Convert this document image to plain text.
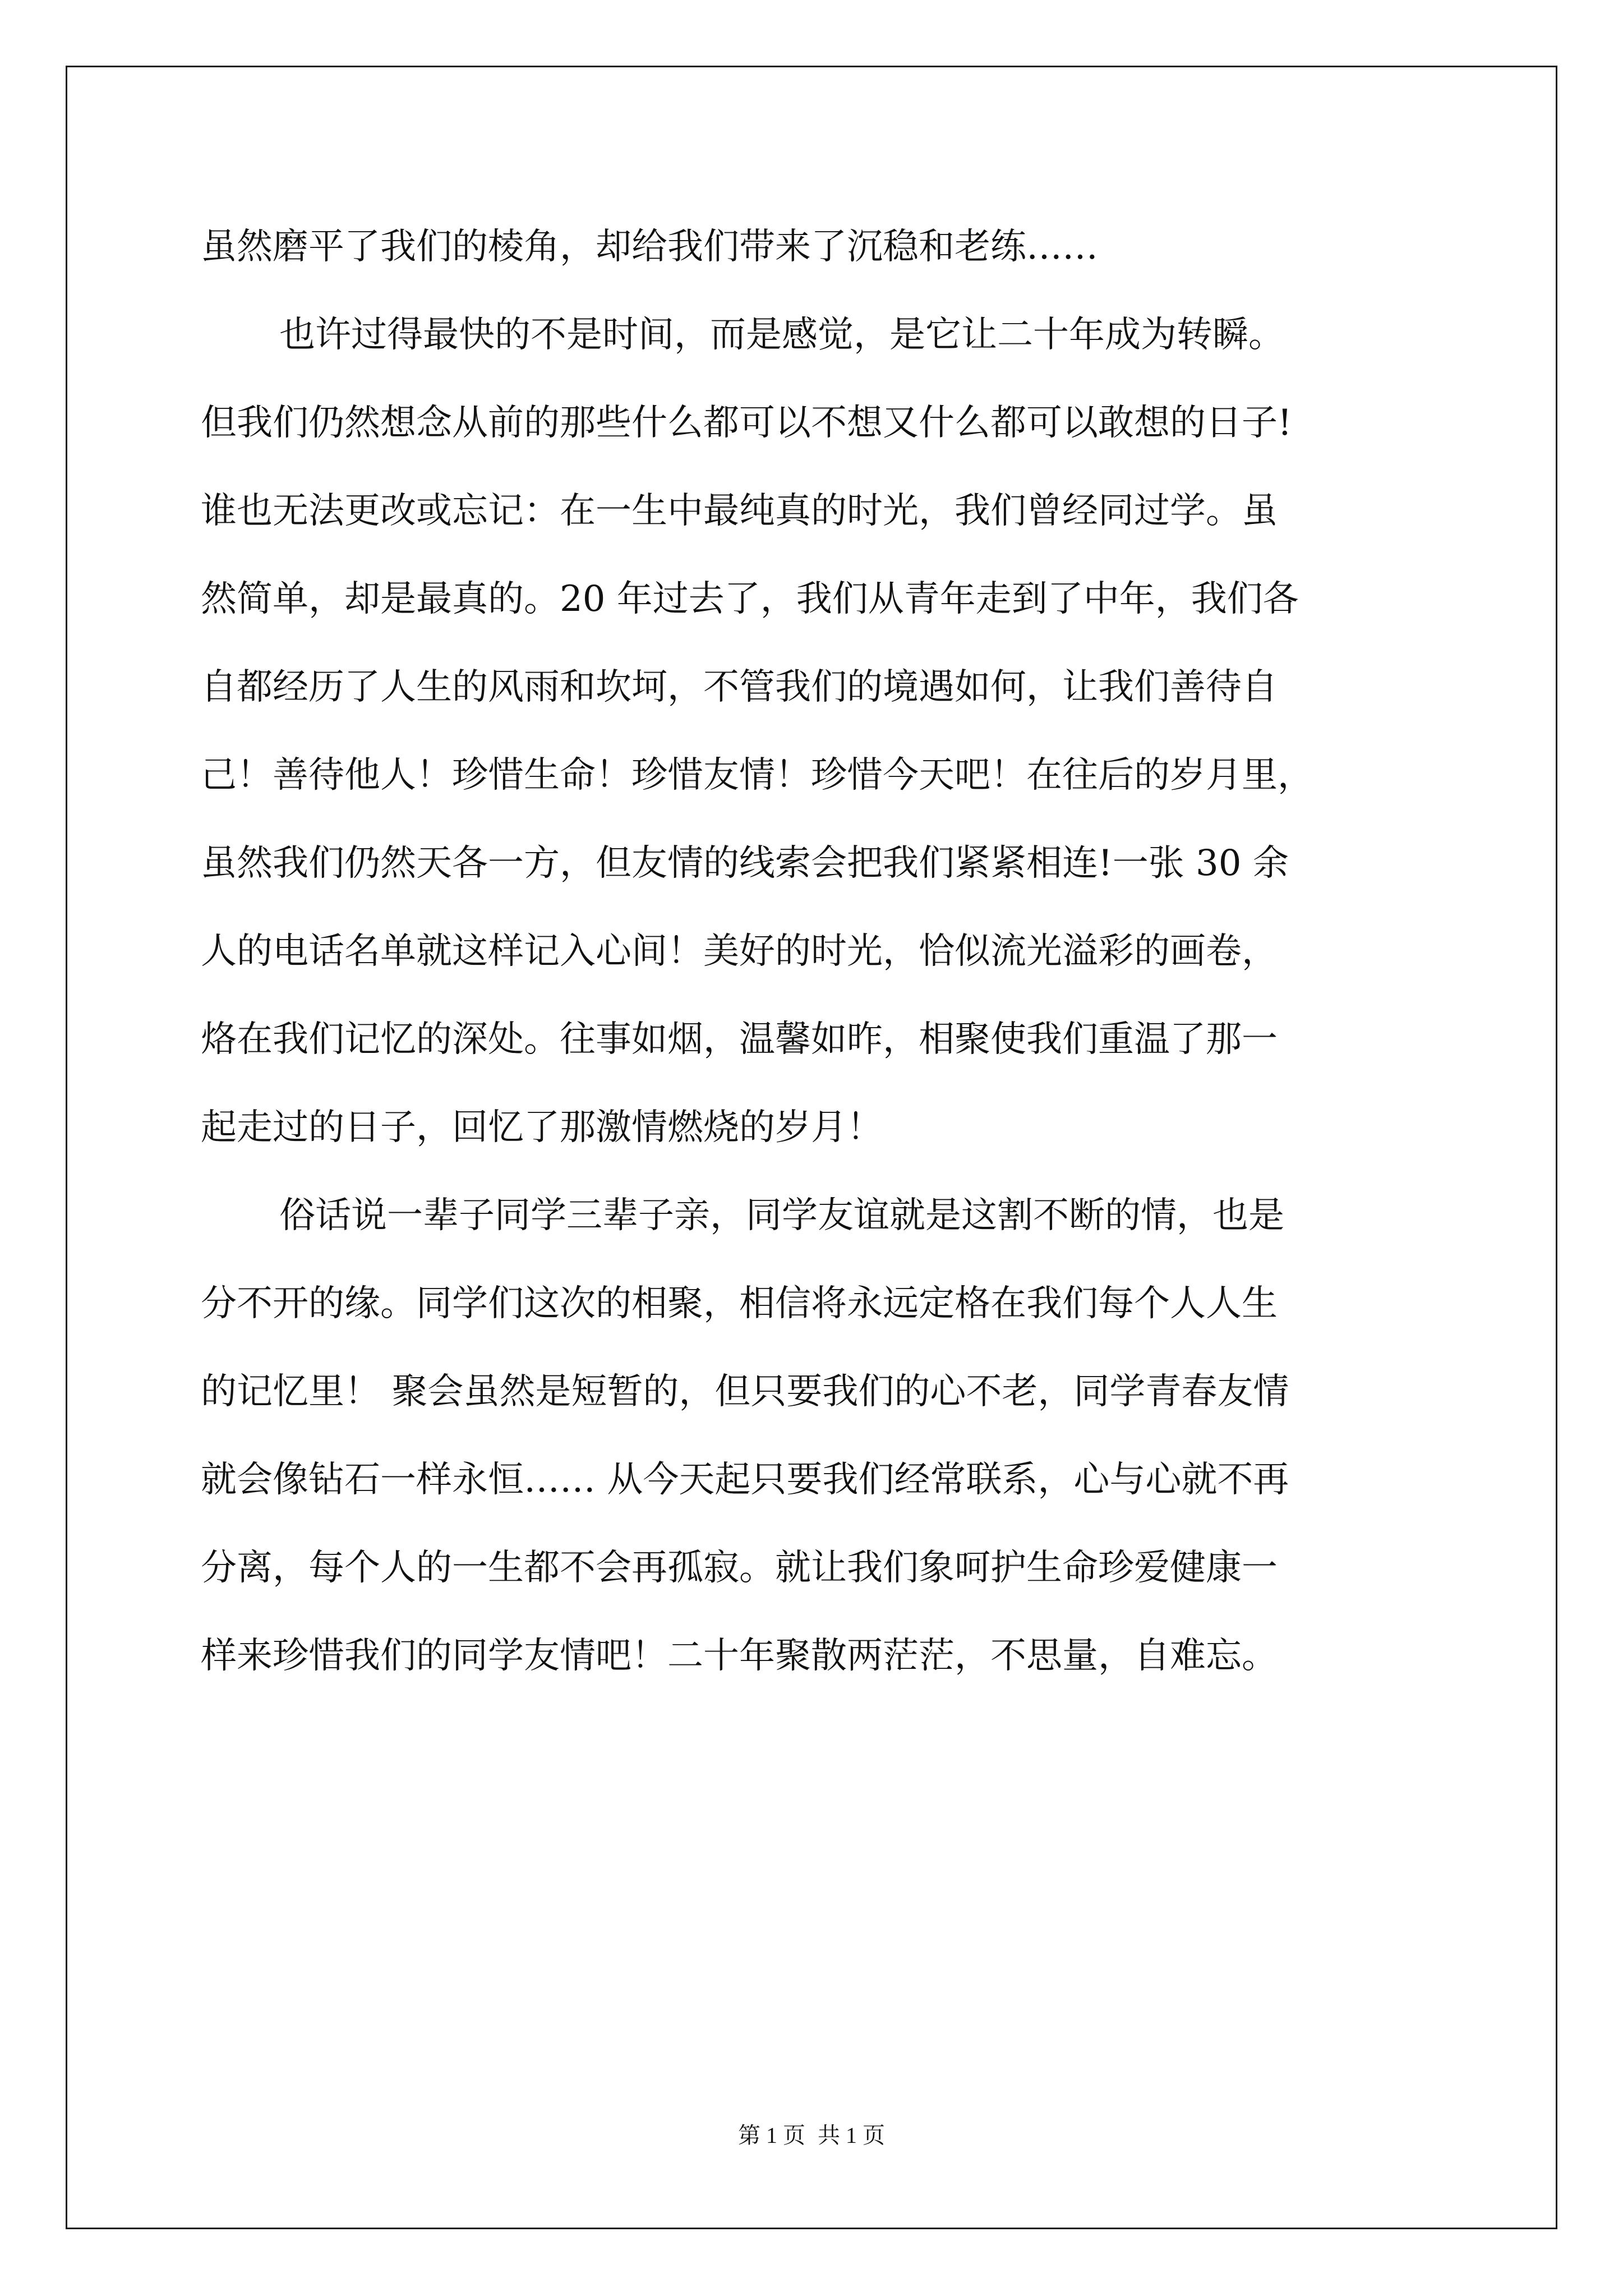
虽然磨平了我们的棱角，却给我们带来了沉稳和老练……
也许过得最快的不是时间，而是感觉，是它让二十年成为转瞬。
但我们仍然想念从前的那些什么都可以不想又什么都可以敢想的日子!
谁也无法更改或忘记：在一生中最纯真的时光，我们曾经同过学。虽
然简单，却是最真的。20 年过去了，我们从青年走到了中年，我们各
自都经历了人生的风雨和坎坷，不管我们的境遇如何，让我们善待自
己！善待他人！珍惜生命！珍惜友情！珍惜今天吧！在往后的岁月里，
虽然我们仍然天各一方，但友情的线索会把我们紧紧相连!一张 30 余
人的电话名单就这样记入心间！美好的时光，恰似流光溢彩的画卷，
烙在我们记忆的深处。往事如烟，温馨如昨，相聚使我们重温了那一
起走过的日子，回忆了那激情燃烧的岁月！
俗话说一辈子同学三辈子亲，同学友谊就是这割不断的情，也是
分不开的缘。同学们这次的相聚，相信将永远定格在我们每个人人生
的记忆里！ 聚会虽然是短暂的，但只要我们的心不老，同学青春友情
就会像钻石一样永恒…… 从今天起只要我们经常联系，心与心就不再
分离，每个人的一生都不会再孤寂。就让我们象呵护生命珍爱健康一
样来珍惜我们的同学友情吧！二十年聚散两茫茫，不思量，自难忘。
第 1 页 共 1 页
